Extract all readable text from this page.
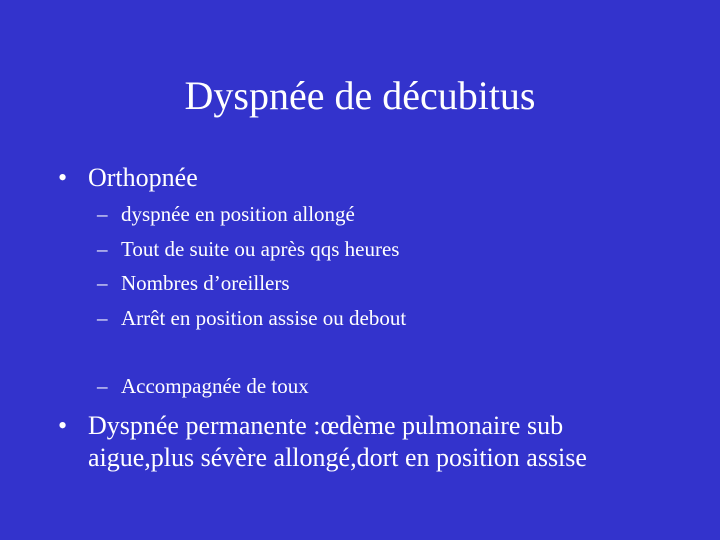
Dyspnée de décubitus
• Orthopnée
– dyspnée en position allongé
– Tout de suite ou après qqs heures
– Nombres d’oreillers
– Arrêt en position assise ou debout
– Accompagnée de toux
• Dyspnée permanente :œdème pulmonaire sub aigue,plus sévère allongé,dort en position assise
